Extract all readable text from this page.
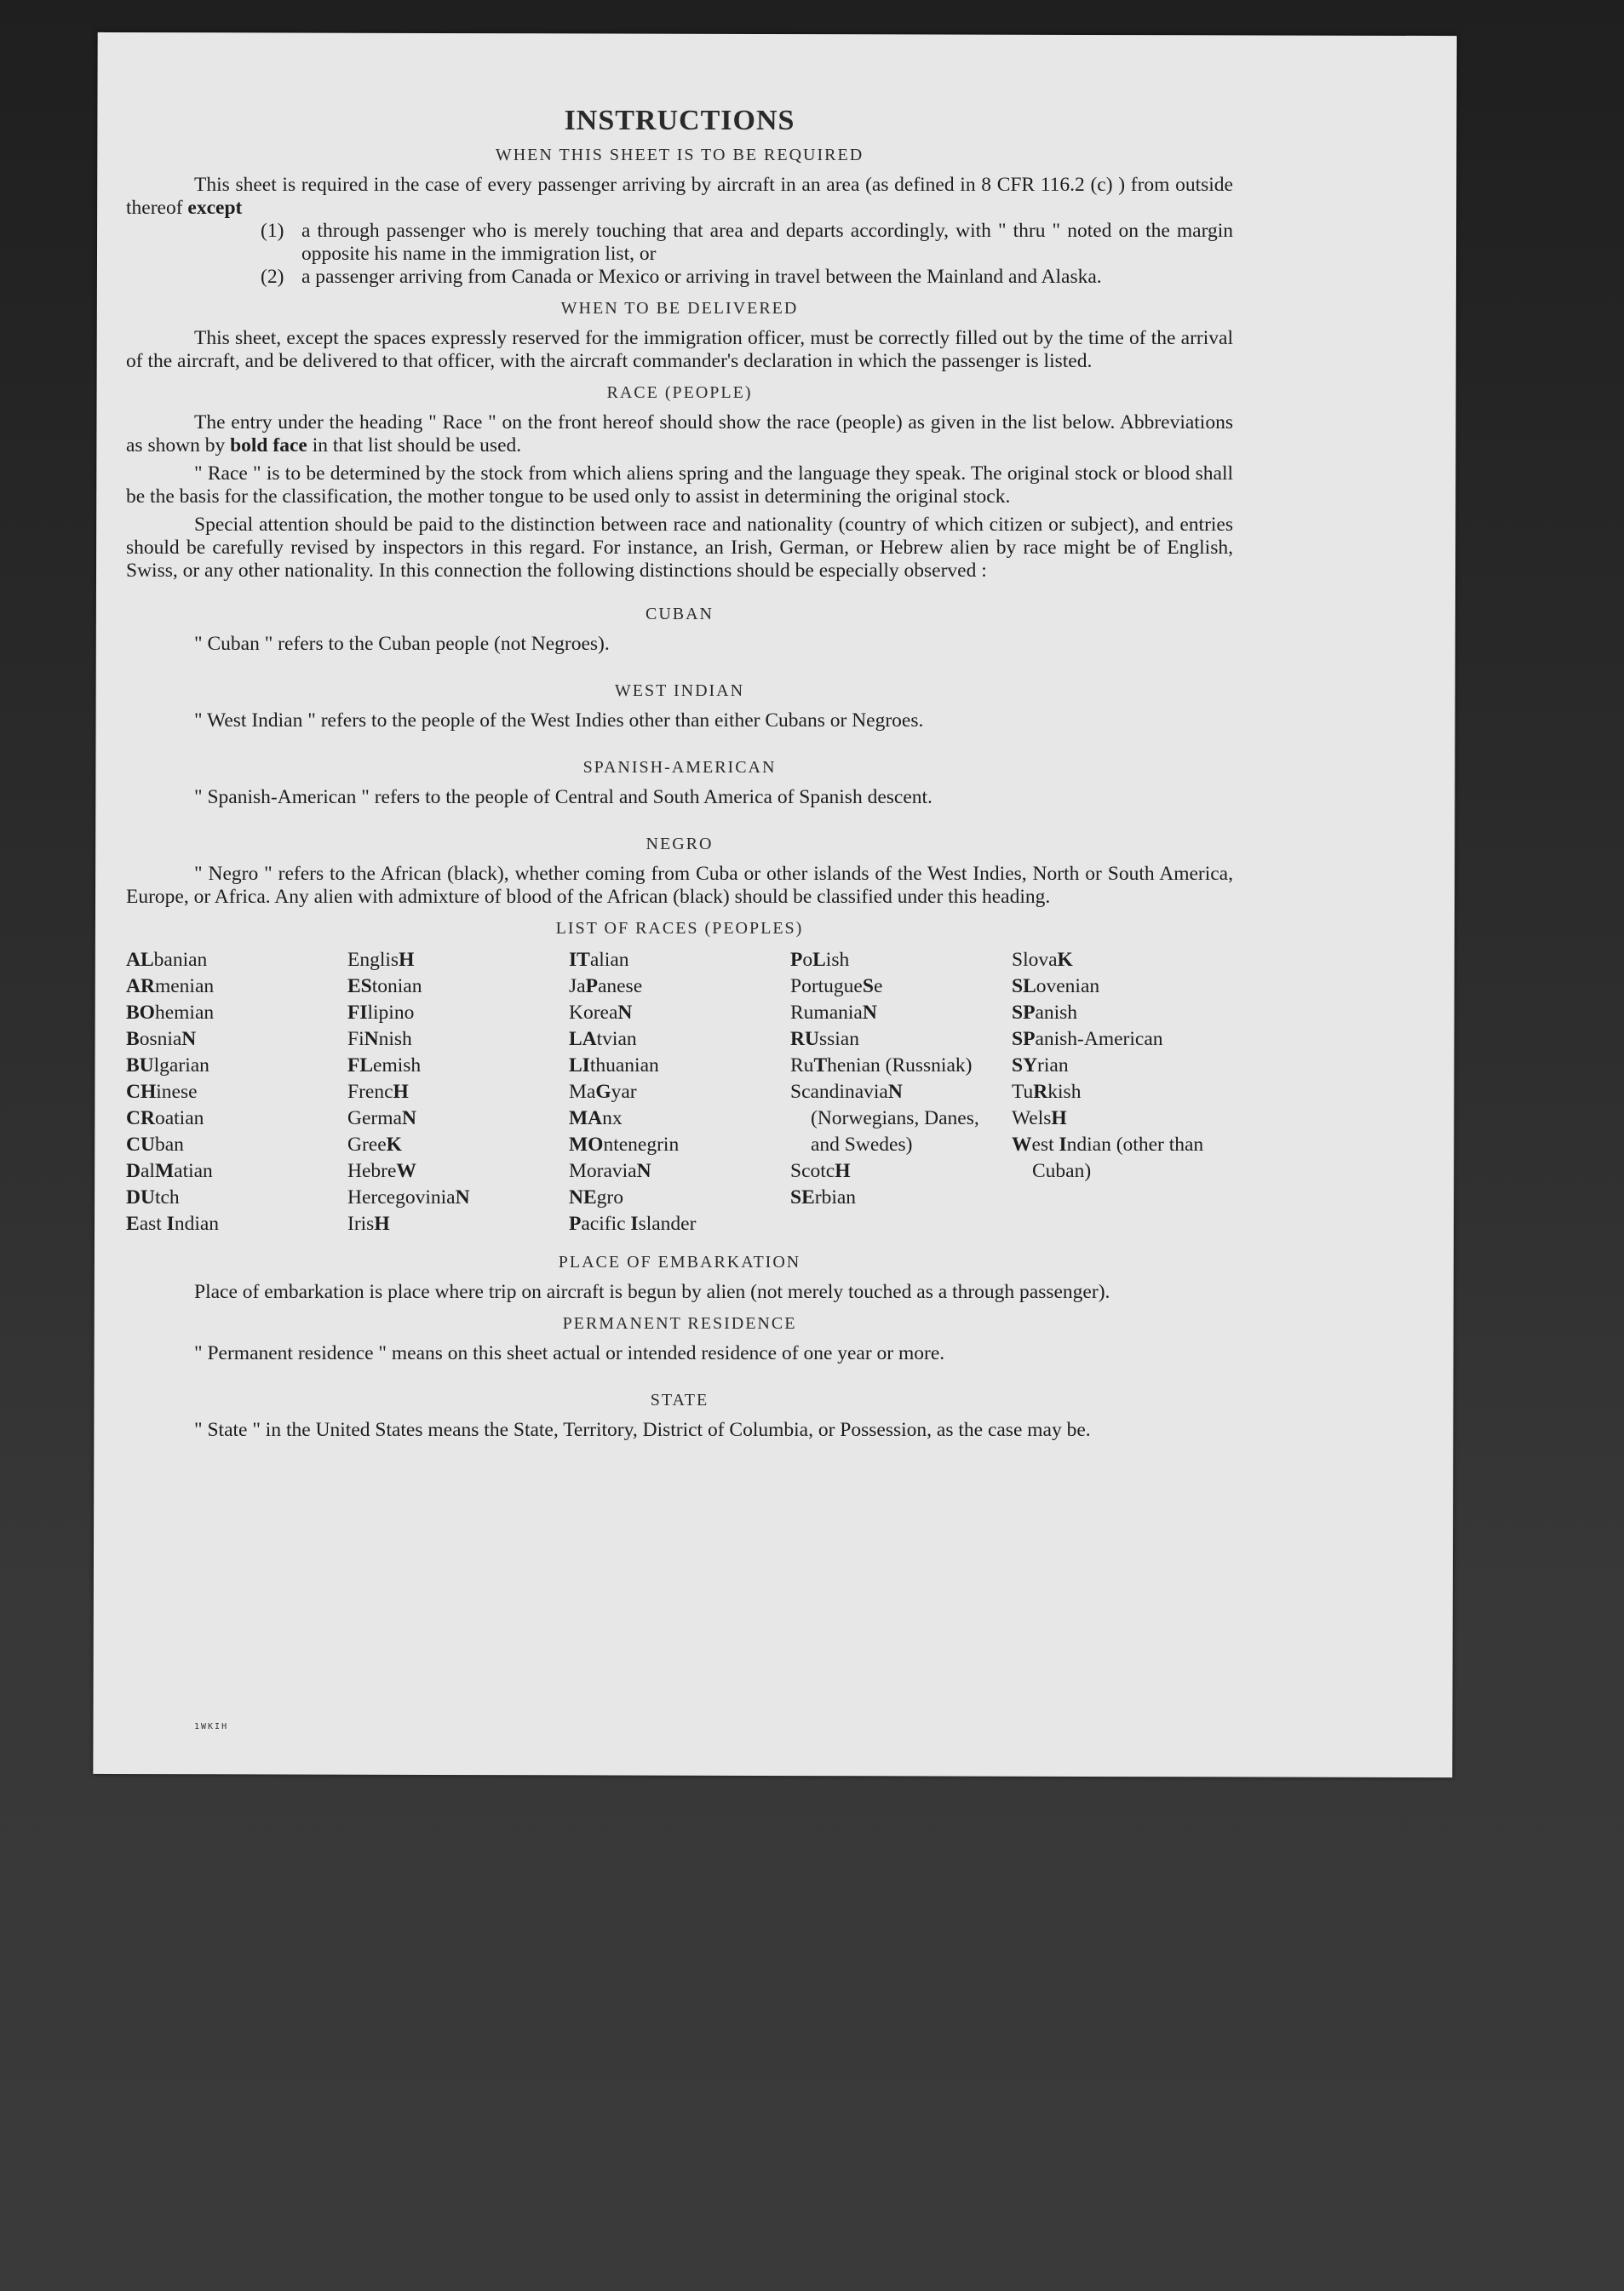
INSTRUCTIONS
WHEN THIS SHEET IS TO BE REQUIRED

This sheet is required in the case of every passenger arriving by aircraft in an area (as defined in 8 CFR 116.2 (c) ) from outside thereof except

(1) a through passenger who is merely touching that area and departs accordingly, with " thru " noted on the margin opposite his name in the immigration list, or
(2) a passenger arriving from Canada or Mexico or arriving in travel between the Mainland and Alaska.
WHEN TO BE DELIVERED

This sheet, except the spaces expressly reserved for the immigration officer, must be correctly filled out by the time of the arrival of the aircraft, and be delivered to that officer, with the aircraft commander's declaration in which the passenger is listed.

RACE (PEOPLE)

The entry under the heading " Race " on the front hereof should show the race (people) as given in the list below. Abbreviations as shown by bold face in that list should be used.

" Race " is to be determined by the stock from which aliens spring and the language they speak. The original stock or blood shall be the basis for the classification, the mother tongue to be used only to assist in determining the original stock.

Special attention should be paid to the distinction between race and nationality (country of which citizen or subject), and entries should be carefully revised by inspectors in this regard. For instance, an Irish, German, or Hebrew alien by race might be of English, Swiss, or any other nationality. In this connection the following distinctions should be especially observed :

CUBAN
" Cuban " refers to the Cuban people (not Negroes).
WEST INDIAN
" West Indian " refers to the people of the West Indies other than either Cubans or Negroes.
SPANISH-AMERICAN
" Spanish-American " refers to the people of Central and South America of Spanish descent.
NEGRO

" Negro " refers to the African (black), whether coming from Cuba or other islands of the West Indies, North or South America, Europe, or Africa. Any alien with admixture of blood of the African (black) should be classified under this heading.

LIST OF RACES (PEOPLES)
ALbanian
ARmenian
BOhemian
BosniaN
BUlgarian
CHinese
CRoatian
CUban
DalMatian
DUtch
East Indian
EnglisH
EStonian
FIlipino
FiNnish
FLemish
FrencH
GermaN
GreeK
HebreW
HercegoviniaN
IrisH
ITalian
JaPanese
KoreaN
LAtvian
LIthuanian
MaGyar
MAnx
MOntenegrin
MoraviaN
NEgro
Pacific Islander
PoLish
PortugueSe
RumaniaN
RUssian
RuThenian (Russniak)
ScandinaviaN (Norwegians, Danes, and Swedes)
ScotcH
SErbian
SlovaK
SLovenian
SPanish
SPanish-American
SYrian
TuRkish
WelsH
West Indian (other than Cuban)
PLACE OF EMBARKATION

Place of embarkation is place where trip on aircraft is begun by alien (not merely touched as a through passenger).

PERMANENT RESIDENCE
" Permanent residence " means on this sheet actual or intended residence of one year or more.
STATE

" State " in the United States means the State, Territory, District of Columbia, or Possession, as the case may be.

1WKIH
